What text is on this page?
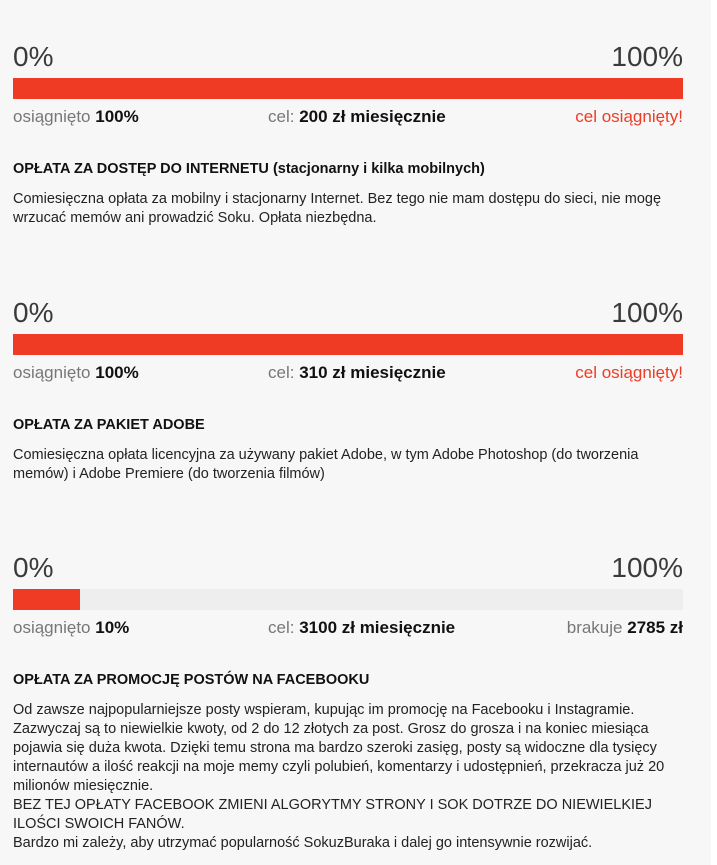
0%	100%
osiągnięto 100%	cel: 200 zł miesięcznie	cel osiągnięty!
OPŁATA ZA DOSTĘP DO INTERNETU (stacjonarny i kilka mobilnych)

Comiesięczna opłata za mobilny i stacjonarny Internet. Bez tego nie mam dostępu do sieci, nie mogę wrzucać memów ani prowadzić Soku. Opłata niezbędna.

0%	100%
osiągnięto 100%	cel: 310 zł miesięcznie	cel osiągnięty!
OPŁATA ZA PAKIET ADOBE

Comiesięczna opłata licencyjna za używany pakiet Adobe, w tym Adobe Photoshop (do tworzenia memów) i Adobe Premiere (do tworzenia filmów)

0%	100%
osiągnięto 10%	cel: 3100 zł miesięcznie	brakuje 2785 zł
OPŁATA ZA PROMOCJĘ POSTÓW NA FACEBOOKU

Od zawsze najpopularniejsze posty wspieram, kupując im promocję na Facebooku i Instagramie. Zazwyczaj są to niewielkie kwoty, od 2 do 12 złotych za post. Grosz do grosza i na koniec miesiąca pojawia się duża kwota. Dzięki temu strona ma bardzo szeroki zasięg, posty są widoczne dla tysięcy internautów a ilość reakcji na moje memy czyli polubień, komentarzy i udostępnień, przekracza już 20 milionów miesięcznie.

BEZ TEJ OPŁATY FACEBOOK ZMIENI ALGORYTMY STRONY I SOK DOTRZE DO NIEWIELKIEJ ILOŚCI SWOICH FANÓW.

Bardzo mi zależy, aby utrzymać popularność SokuzBuraka i dalej go intensywnie rozwijać.
